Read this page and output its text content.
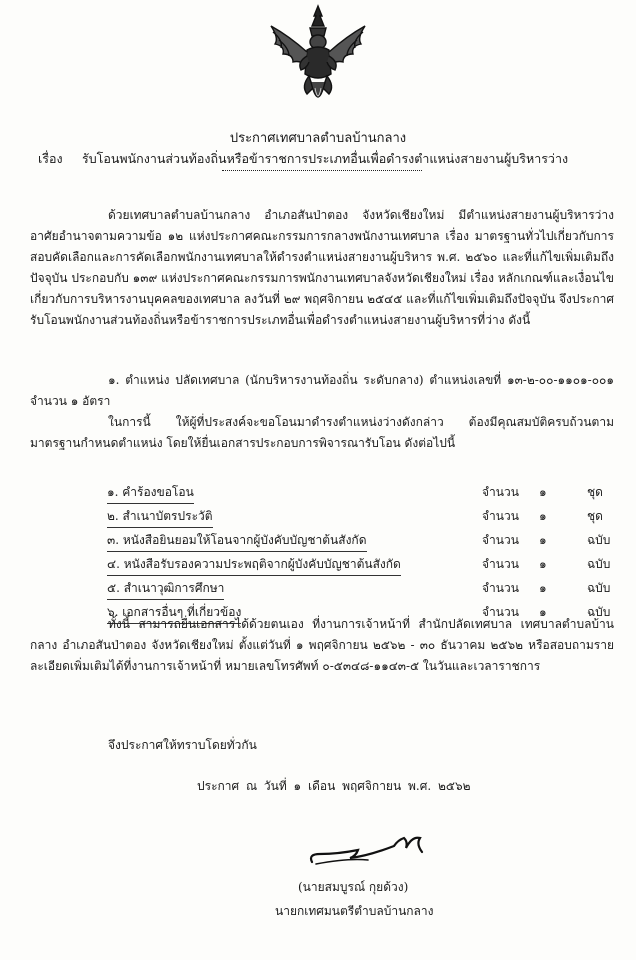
ประกาศเทศบาลตำบลบ้านกลาง
เรื่อง รับโอนพนักงานส่วนท้องถิ่นหรือข้าราชการประเภทอื่นเพื่อดำรงตำแหน่งสายงานผู้บริหารว่าง

ด้วยเทศบาลตำบลบ้านกลาง อำเภอสันป่าตอง จังหวัดเชียงใหม่ มีตำแหน่งสายงานผู้บริหารว่าง อาศัยอำนาจตามความข้อ ๑๒ แห่งประกาศคณะกรรมการกลางพนักงานเทศบาล เรื่อง มาตรฐานทั่วไปเกี่ยวกับการสอบคัดเลือกและการคัดเลือกพนักงานเทศบาลให้ดำรงตำแหน่งสายงานผู้บริหาร พ.ศ. ๒๕๖๐ และที่แก้ไขเพิ่มเติมถึงปัจจุบัน ประกอบกับ ๑๓๙ แห่งประกาศคณะกรรมการพนักงานเทศบาลจังหวัดเชียงใหม่ เรื่อง หลักเกณฑ์และเงื่อนไขเกี่ยวกับการบริหารงานบุคคลของเทศบาล ลงวันที่ ๒๙ พฤศจิกายน ๒๕๔๕ และที่แก้ไขเพิ่มเติมถึงปัจจุบัน จึงประกาศรับโอนพนักงานส่วนท้องถิ่นหรือข้าราชการประเภทอื่นเพื่อดำรงตำแหน่งสายงานผู้บริหารที่ว่าง ดังนี้

๑. ตำแหน่ง ปลัดเทศบาล (นักบริหารงานท้องถิ่น ระดับกลาง) ตำแหน่งเลขที่ ๑๓-๒-๐๐-๑๑๐๑-๐๐๑ จำนวน ๑ อัตรา

ในการนี้ ให้ผู้ที่ประสงค์จะขอโอนมาดำรงตำแหน่งว่างดังกล่าว ต้องมีคุณสมบัติครบถ้วนตามมาตรฐานกำหนดตำแหน่ง โดยให้ยื่นเอกสารประกอบการพิจารณารับโอน ดังต่อไปนี้

๑. คำร้องขอโอน	จำนวน ๑	ชุด
๒. สำเนาบัตรประวัติ	จำนวน ๑	ชุด
๓. หนังสือยินยอมให้โอนจากผู้บังคับบัญชาต้นสังกัด	จำนวน ๑	ฉบับ
๔. หนังสือรับรองความประพฤติจากผู้บังคับบัญชาต้นสังกัด	จำนวน ๑	ฉบับ
๕. สำเนาวุฒิการศึกษา	จำนวน ๑	ฉบับ
๖. เอกสารอื่นๆ ที่เกี่ยวข้อง	จำนวน ๑	ฉบับ

ทั้งนี้ สามารถยื่นเอกสารได้ด้วยตนเอง ที่งานการเจ้าหน้าที่ สำนักปลัดเทศบาล เทศบาลตำบลบ้านกลาง อำเภอสันป่าตอง จังหวัดเชียงใหม่ ตั้งแต่วันที่ ๑ พฤศจิกายน ๒๕๖๒ - ๓๐ ธันวาคม ๒๕๖๒ หรือสอบถามรายละเอียดเพิ่มเติมได้ที่งานการเจ้าหน้าที่ หมายเลขโทรศัพท์ ๐-๕๓๔๘-๑๑๔๓-๕ ในวันและเวลาราชการ

จึงประกาศให้ทราบโดยทั่วกัน

ประกาศ ณ วันที่ ๑ เดือน พฤศจิกายน พ.ศ. ๒๕๖๒
(นายสมบูรณ์ กุยด้วง)
นายกเทศมนตรีตำบลบ้านกลาง
